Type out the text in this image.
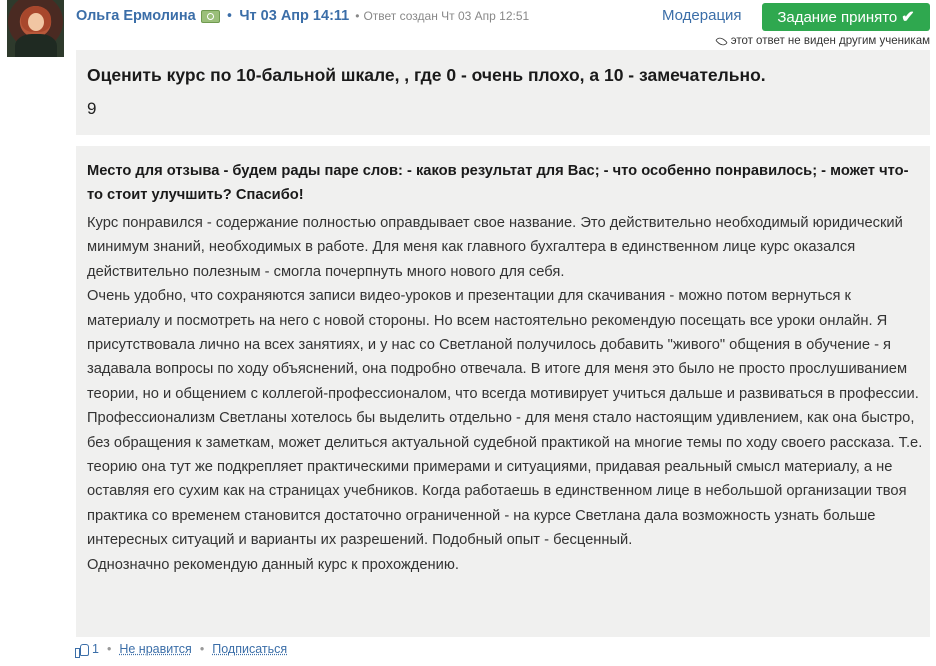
Ольга Ермолина • Чт 03 Апр 14:11 • Ответ создан Чт 03 Апр 12:51	Модерация Задание принято ✔
этот ответ не виден другим ученикам
Оценить курс по 10-бальной шкале, , где 0 - очень плохо, а 10 - замечательно.
9
Место для отзыва - будем рады паре слов: - каков результат для Вас; - что особенно понравилось; - может что-то стоит улучшить? Спасибо!

Курс понравился - содержание полностью оправдывает свое название. Это действительно необходимый юридический минимум знаний, необходимых в работе. Для меня как главного бухгалтера в единственном лице курс оказался действительно полезным - смогла почерпнуть много нового для себя.

Очень удобно, что сохраняются записи видео-уроков и презентации для скачивания - можно потом вернуться к материалу и посмотреть на него с новой стороны. Но всем настоятельно рекомендую посещать все уроки онлайн. Я присутствовала лично на всех занятиях, и у нас со Светланой получилось добавить "живого" общения в обучение - я задавала вопросы по ходу объяснений, она подробно отвечала. В итоге для меня это было не просто прослушиванием теории, но и общением с коллегой-профессионалом, что всегда мотивирует учиться дальше и развиваться в профессии.

Профессионализм Светланы хотелось бы выделить отдельно - для меня стало настоящим удивлением, как она быстро, без обращения к заметкам, может делиться актуальной судебной практикой на многие темы по ходу своего рассказа. Т.е. теорию она тут же подкрепляет практическими примерами и ситуациями, придавая реальный смысл материалу, а не оставляя его сухим как на страницах учебников. Когда работаешь в единственном лице в небольшой организации твоя практика со временем становится достаточно ограниченной - на курсе Светлана дала возможность узнать больше интересных ситуаций и варианты их разрешений. Подобный опыт - бесценный.

Однозначно рекомендую данный курс к прохождению.

1 • Не нравится • Подписаться
